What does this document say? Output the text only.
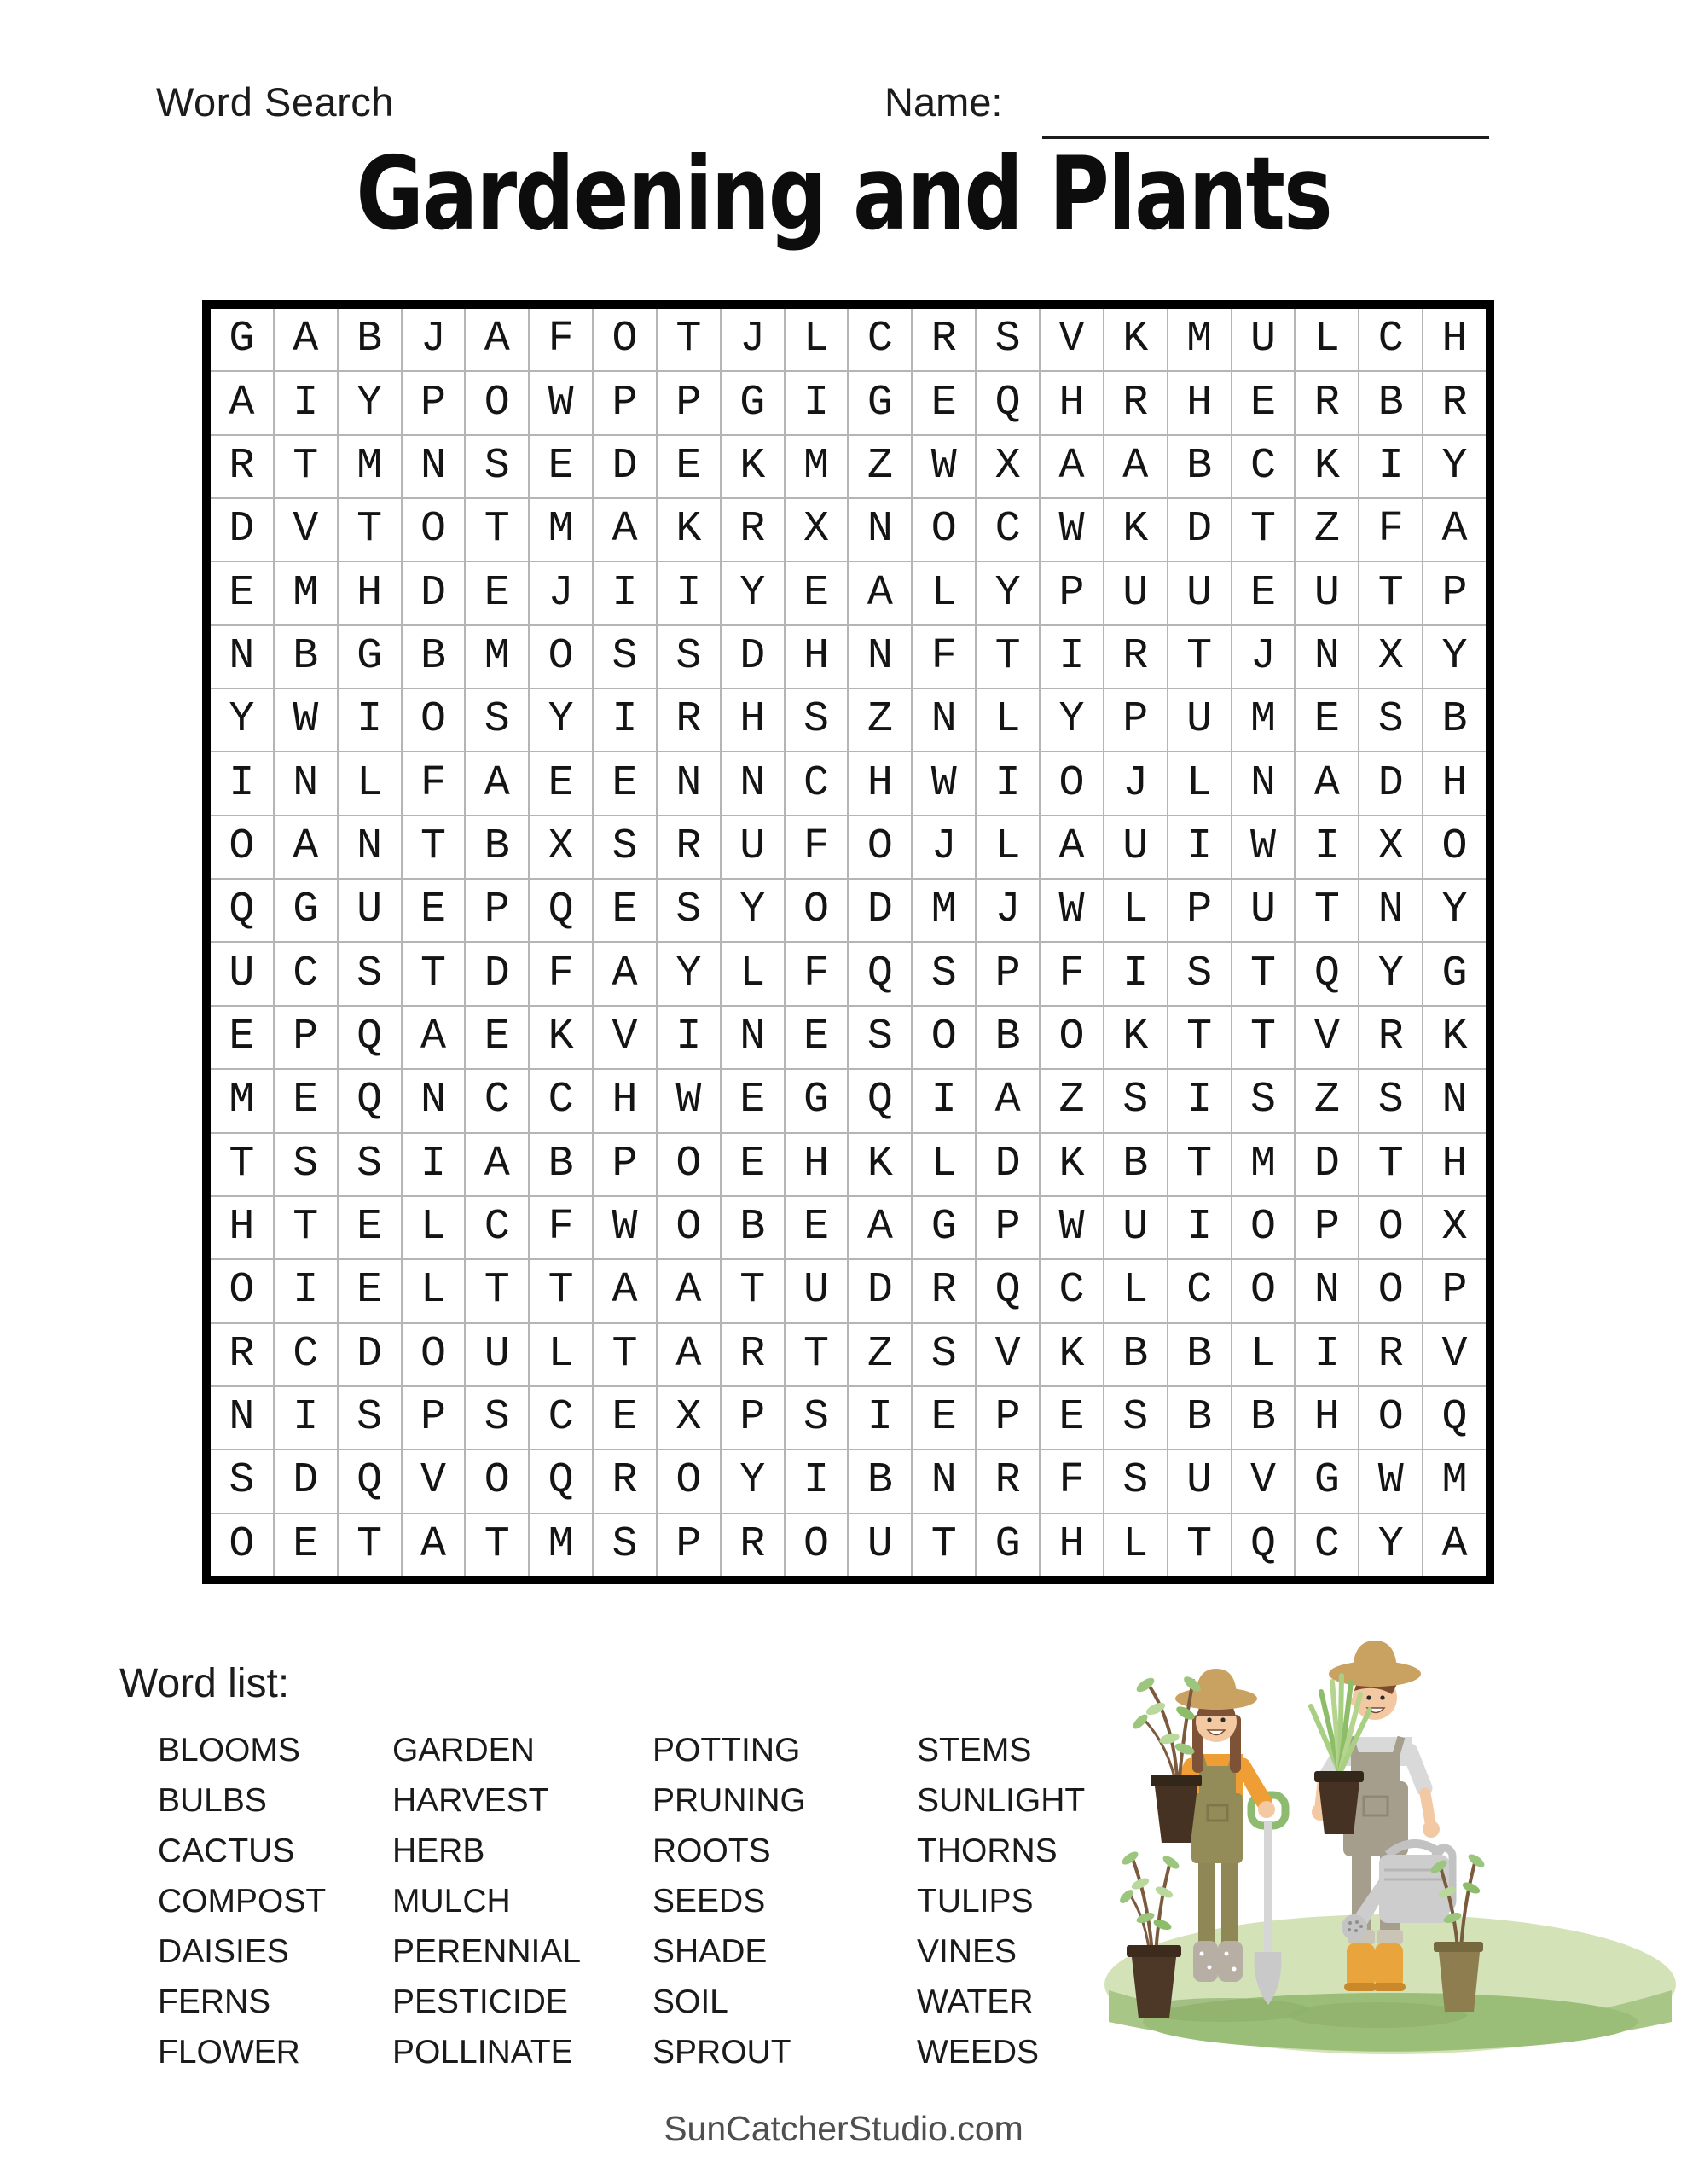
Word Search	Name:
Gardening and Plants
G A B J A F O T J L C R S V K M U L C H
A I Y P O W P P G I G E Q H R H E R B R
R T M N S E D E K M Z W X A A B C K I Y
D V T O T M A K R X N O C W K D T Z F A
E M H D E J I I Y E A L Y P U U E U T P
N B G B M O S S D H N F T I R T J N X Y
Y W I O S Y I R H S Z N L Y P U M E S B
I N L F A E E N N C H W I O J L N A D H
O A N T B X S R U F O J L A U I W I X O
Q G U E P Q E S Y O D M J W L P U T N Y
U C S T D F A Y L F Q S P F I S T Q Y G
E P Q A E K V I N E S O B O K T T V R K
M E Q N C C H W E G Q I A Z S I S Z S N
T S S I A B P O E H K L D K B T M D T H
H T E L C F W O B E A G P W U I O P O X
O I E L T T A A T U D R Q C L C O N O P
R C D O U L T A R T Z S V K B B L I R V
N I S P S C E X P S I E P E S B B H O Q
S D Q V O Q R O Y I B N R F S U V G W M
O E T A T M S P R O U T G H L T Q C Y A
Word list:
BLOOMS
BULBS
CACTUS
COMPOST
DAISIES
FERNS
FLOWER
GARDEN
HARVEST
HERB
MULCH
PERENNIAL
PESTICIDE
POLLINATE
POTTING
PRUNING
ROOTS
SEEDS
SHADE
SOIL
SPROUT
STEMS
SUNLIGHT
THORNS
TULIPS
VINES
WATER
WEEDS
SunCatcherStudio.com
